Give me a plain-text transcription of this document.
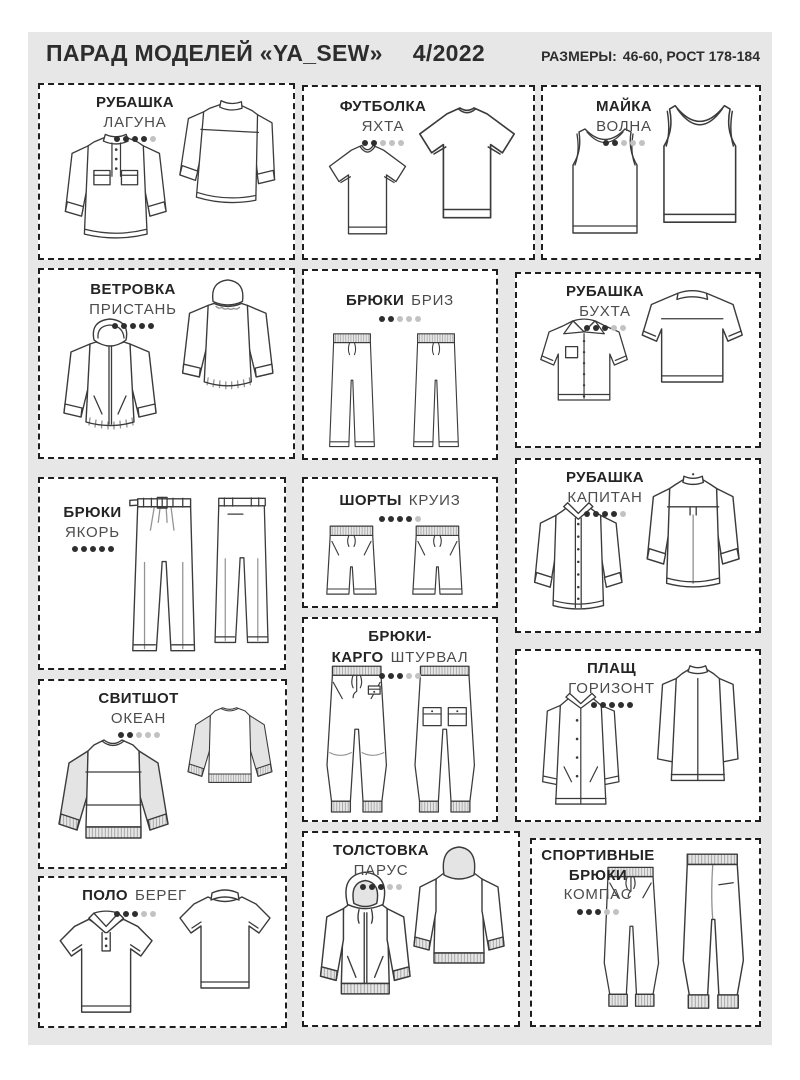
ПАРАД МОДЕЛЕЙ «YA_SEW» 4/2022	РАЗМЕРЫ: 46-60, РОСТ 178-184
РУБАШКА
ЛАГУНА
ФУТБОЛКА
ЯХТА
МАЙКА
ВОЛНА
ВЕТРОВКА
ПРИСТАНЬ	БРЮКИ БРИЗ
РУБАШКА
БУХТА
БРЮКИ
ЯКОРЬ
ШОРТЫ КРУИЗ
РУБАШКА
КАПИТАН
СВИТШОТ
ОКЕАН
БРЮКИ-КАРГО ШТУРВАЛ
ПЛАЩ
ГОРИЗОНТ
ПОЛО БЕРЕГ
ТОЛСТОВКА
ПАРУС
СПОРТИВНЫЕ БРЮКИ
КОМПАС
